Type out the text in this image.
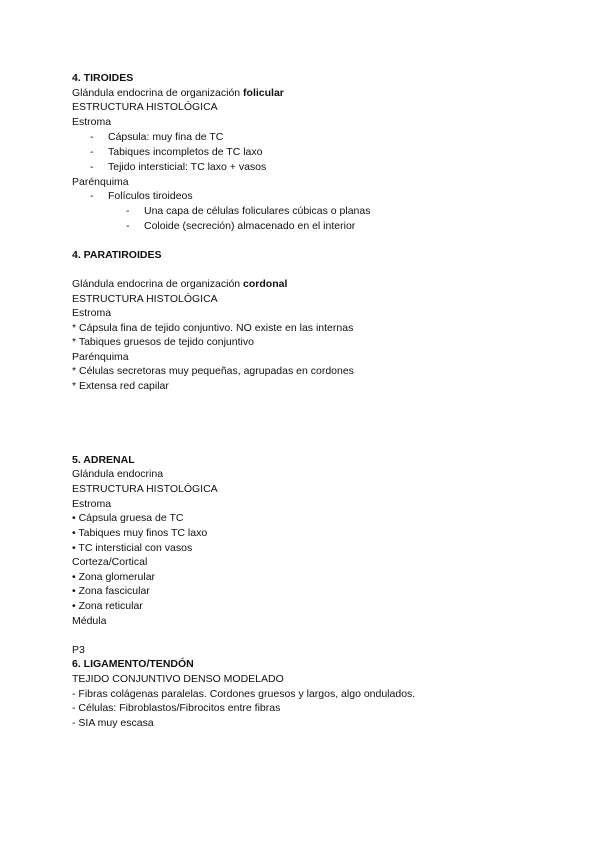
4. TIROIDES
Glándula endocrina de organización folicular
ESTRUCTURA HISTOLÓGICA
Estroma
- Cápsula: muy fina de TC
- Tabiques incompletos de TC laxo
- Tejido intersticial: TC laxo + vasos
Parénquima
- Folículos tiroideos
- Una capa de células foliculares cúbicas o planas
- Coloide (secreción) almacenado en el interior
4. PARATIROIDES
Glándula endocrina de organización cordonal
ESTRUCTURA HISTOLÓGICA
Estroma
* Cápsula fina de tejido conjuntivo. NO existe en las internas
* Tabiques gruesos de tejido conjuntivo
Parénquima
* Células secretoras muy pequeñas, agrupadas en cordones
* Extensa red capilar
5. ADRENAL
Glándula endocrina
ESTRUCTURA HISTOLÓGICA
Estroma
• Cápsula gruesa de TC
• Tabiques muy finos TC laxo
• TC intersticial con vasos
Corteza/Cortical
• Zona glomerular
• Zona fascicular
• Zona reticular
Médula
P3
6. LIGAMENTO/TENDÓN
TEJIDO CONJUNTIVO DENSO MODELADO
- Fibras colágenas paralelas. Cordones gruesos y largos, algo ondulados.
- Células: Fibroblastos/Fibrocitos entre fibras
- SIA muy escasa
